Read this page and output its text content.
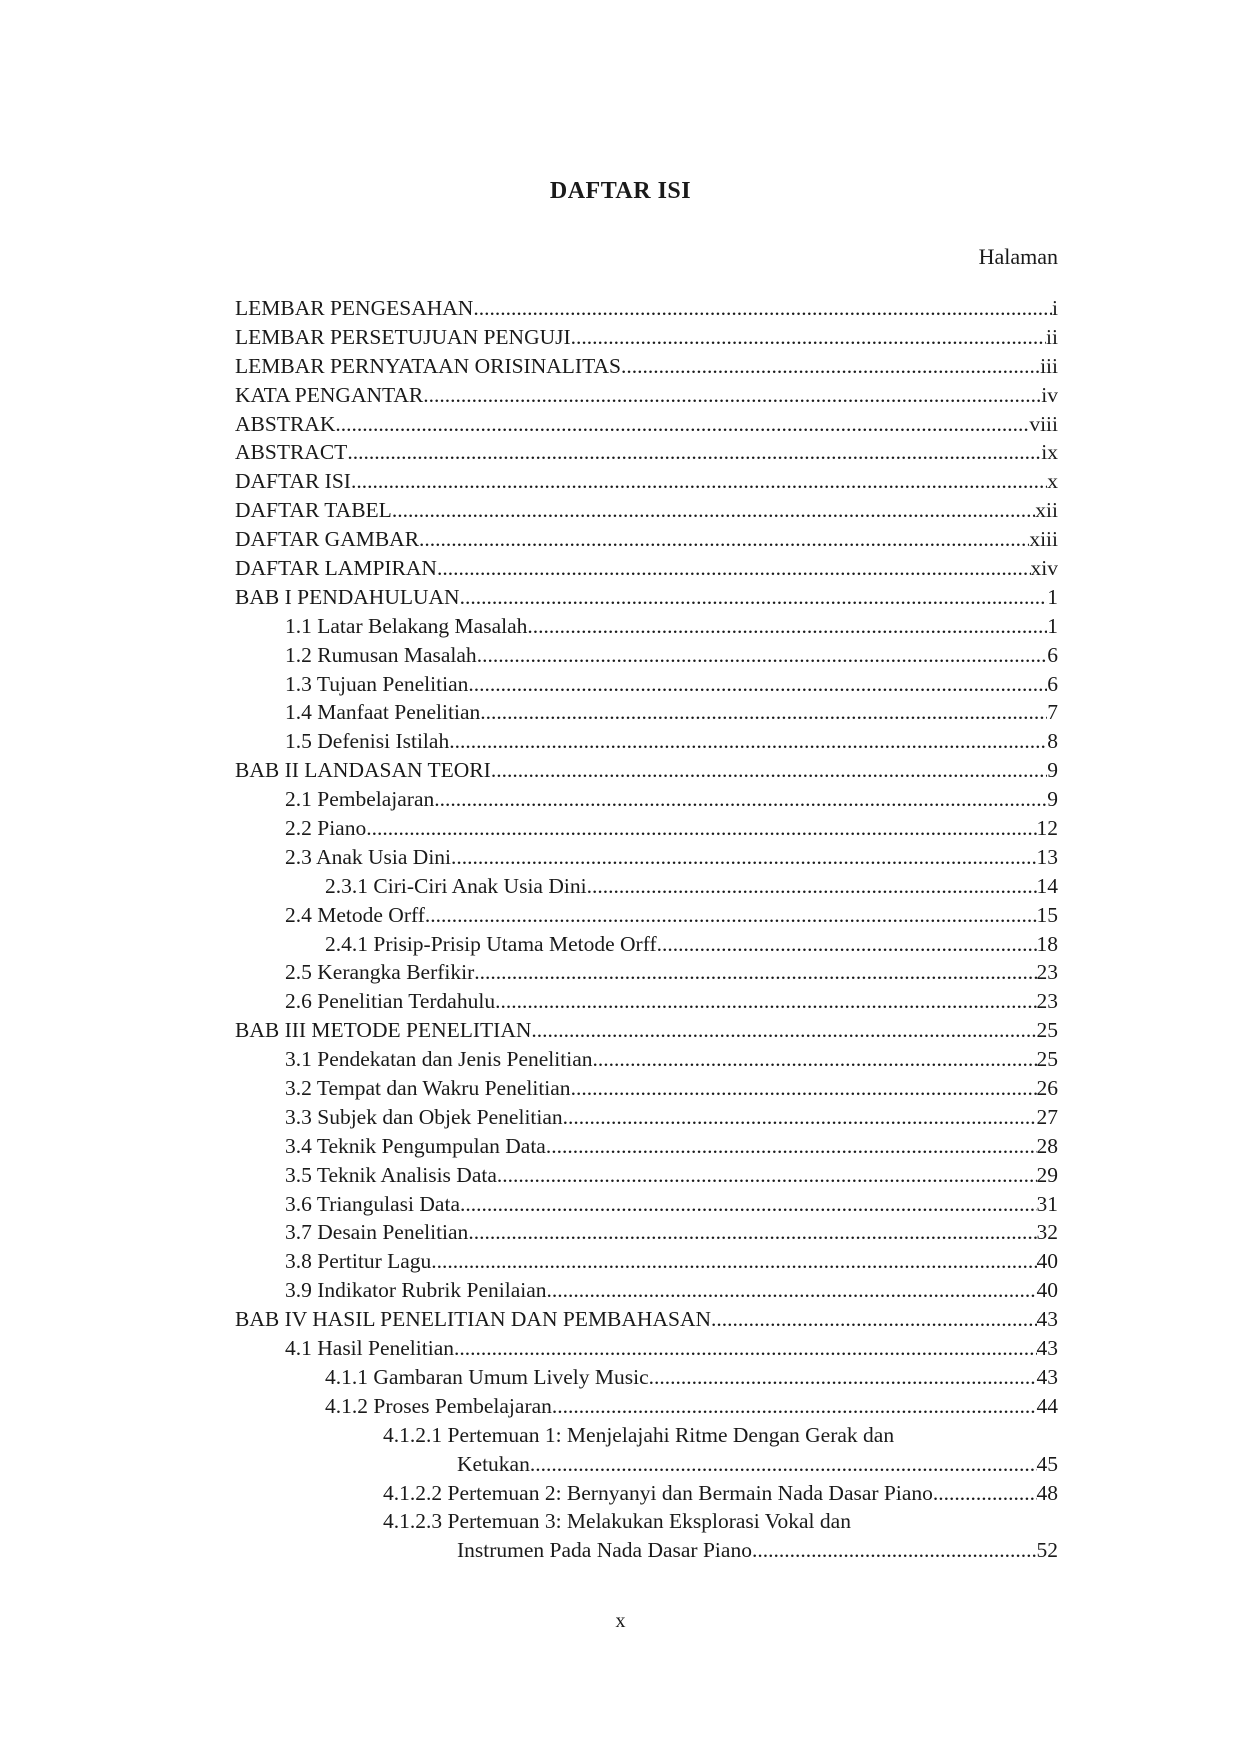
DAFTAR ISI
Halaman
LEMBAR PENGESAHAN .....	i
LEMBAR PERSETUJUAN PENGUJI .....	ii
LEMBAR PERNYATAAN ORISINALITAS .....	iii
KATA PENGANTAR .....	iv
ABSTRAK .....	viii
ABSTRACT .....	ix
DAFTAR ISI .....	x
DAFTAR TABEL .....	xii
DAFTAR GAMBAR .....	xiii
DAFTAR LAMPIRAN .....	xiv
BAB I PENDAHULUAN .....	1
1.1 Latar Belakang Masalah .....	1
1.2 Rumusan Masalah .....	6
1.3 Tujuan Penelitian .....	6
1.4 Manfaat Penelitian .....	7
1.5 Defenisi Istilah .....	8
BAB II LANDASAN TEORI .....	9
2.1 Pembelajaran .....	9
2.2 Piano .....	12
2.3 Anak Usia Dini .....	13
2.3.1 Ciri-Ciri Anak Usia Dini .....	14
2.4 Metode Orff .....	15
2.4.1 Prisip-Prisip Utama Metode Orff .....	18
2.5 Kerangka Berfikir .....	23
2.6 Penelitian Terdahulu .....	23
BAB III METODE PENELITIAN .....	25
3.1 Pendekatan dan Jenis Penelitian .....	25
3.2 Tempat dan Wakru Penelitian .....	26
3.3 Subjek dan Objek Penelitian .....	27
3.4 Teknik Pengumpulan Data .....	28
3.5 Teknik Analisis Data .....	29
3.6 Triangulasi Data .....	31
3.7 Desain Penelitian .....	32
3.8 Pertitur Lagu .....	40
3.9 Indikator Rubrik Penilaian .....	40
BAB IV HASIL PENELITIAN DAN PEMBAHASAN .....	43
4.1 Hasil Penelitian .....	43
4.1.1 Gambaran Umum Lively Music .....	43
4.1.2 Proses Pembelajaran .....	44
4.1.2.1 Pertemuan 1: Menjelajahi Ritme Dengan Gerak dan
Ketukan .....	45
4.1.2.2 Pertemuan 2: Bernyanyi dan Bermain Nada Dasar Piano .....	48
4.1.2.3 Pertemuan 3: Melakukan Eksplorasi Vokal dan
Instrumen Pada Nada Dasar Piano .....	52
x
